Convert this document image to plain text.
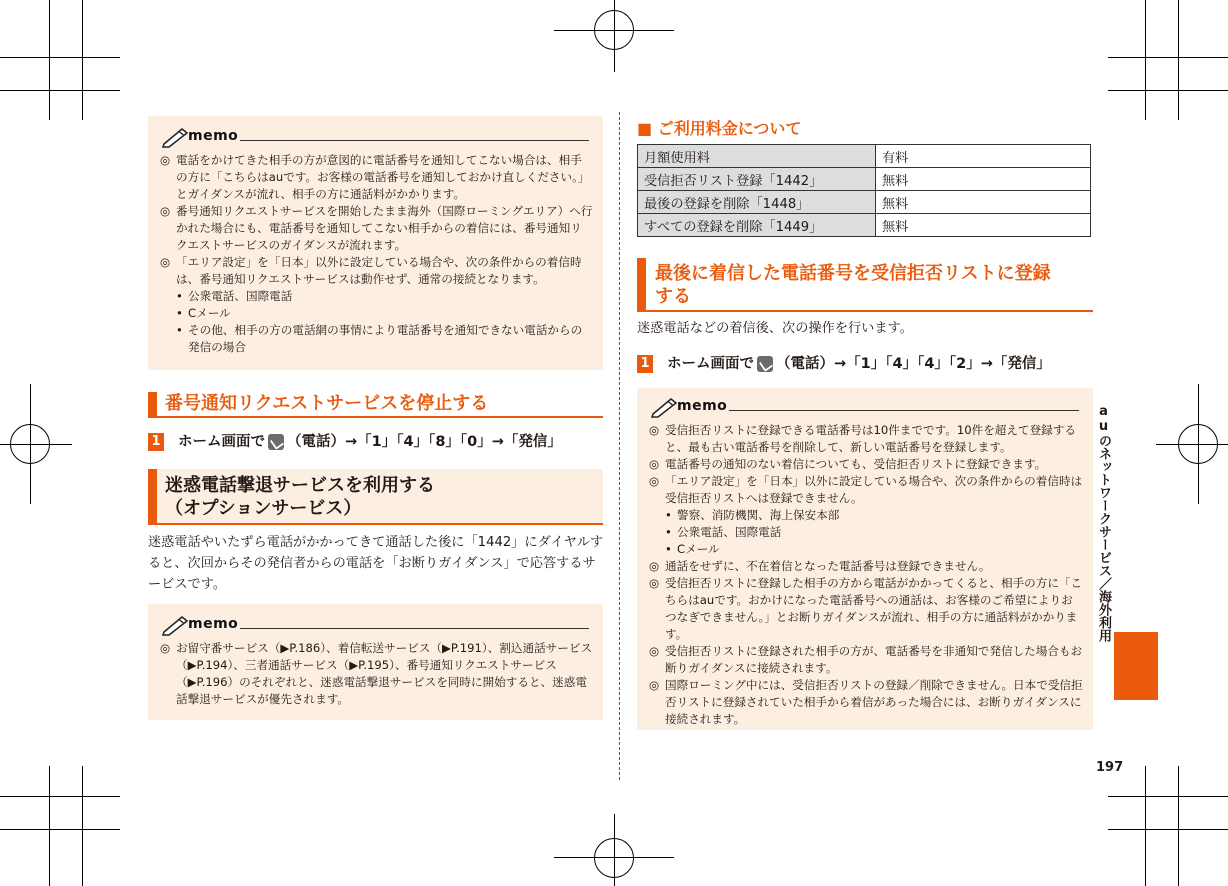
memo
◎ 電話をかけてきた相手の方が意図的に電話番号を通知してこない場合は、相手の方に「こちらはauです。お客様の電話番号を通知しておかけ直しください。」とガイダンスが流れ、相手の方に通話料がかかります。
◎ 番号通知リクエストサービスを開始したまま海外（国際ローミングエリア）へ行かれた場合にも、電話番号を通知してこない相手からの着信には、番号通知リクエストサービスのガイダンスが流れます。
◎ 「エリア設定」を「日本」以外に設定している場合や、次の条件からの着信時は、番号通知リクエストサービスは動作せず、通常の接続となります。
• 公衆電話、国際電話
• Cメール
• その他、相手の方の電話網の事情により電話番号を通知できない電話からの発信の場合
番号通知リクエストサービスを停止する
1 ホーム画面で （電話）→「1」「4」「8」「0」→「発信」
迷惑電話撃退サービスを利用する
（オプションサービス）
迷惑電話やいたずら電話がかかってきて通話した後に「1442」にダイヤルすると、次回からその発信者からの電話を「お断りガイダンス」で応答するサービスです。
memo
◎ お留守番サービス（▶P.186）、着信転送サービス（▶P.191）、割込通話サービス（▶P.194）、三者通話サービス（▶P.195）、番号通知リクエストサービス（▶P.196）のそれぞれと、迷惑電話撃退サービスを同時に開始すると、迷惑電話撃退サービスが優先されます。
■ ご利用料金について
月額使用料	有料
受信拒否リスト登録「1442」	無料
最後の登録を削除「1448」	無料
すべての登録を削除「1449」	無料
最後に着信した電話番号を受信拒否リストに登録
する
迷惑電話などの着信後、次の操作を行います。
1 ホーム画面で （電話）→「1」「4」「4」「2」→「発信」
memo
◎ 受信拒否リストに登録できる電話番号は10件までです。10件を超えて登録すると、最も古い電話番号を削除して、新しい電話番号を登録します。
◎ 電話番号の通知のない着信についても、受信拒否リストに登録できます。
◎ 「エリア設定」を「日本」以外に設定している場合や、次の条件からの着信時は受信拒否リストへは登録できません。
• 警察、消防機関、海上保安本部
• 公衆電話、国際電話
• Cメール
◎ 通話をせずに、不在着信となった電話番号は登録できません。
◎ 受信拒否リストに登録した相手の方から電話がかかってくると、相手の方に「こちらはauです。おかけになった電話番号への通話は、お客様のご希望によりおつなぎできません。」とお断りガイダンスが流れ、相手の方に通話料がかかります。
◎ 受信拒否リストに登録された相手の方が、電話番号を非通知で発信した場合もお断りガイダンスに接続されます。
◎ 国際ローミング中には、受信拒否リストの登録／削除できません。日本で受信拒否リストに登録されていた相手から着信があった場合には、お断りガイダンスに接続されます。
auのネットワークサービス／海外利用
197
